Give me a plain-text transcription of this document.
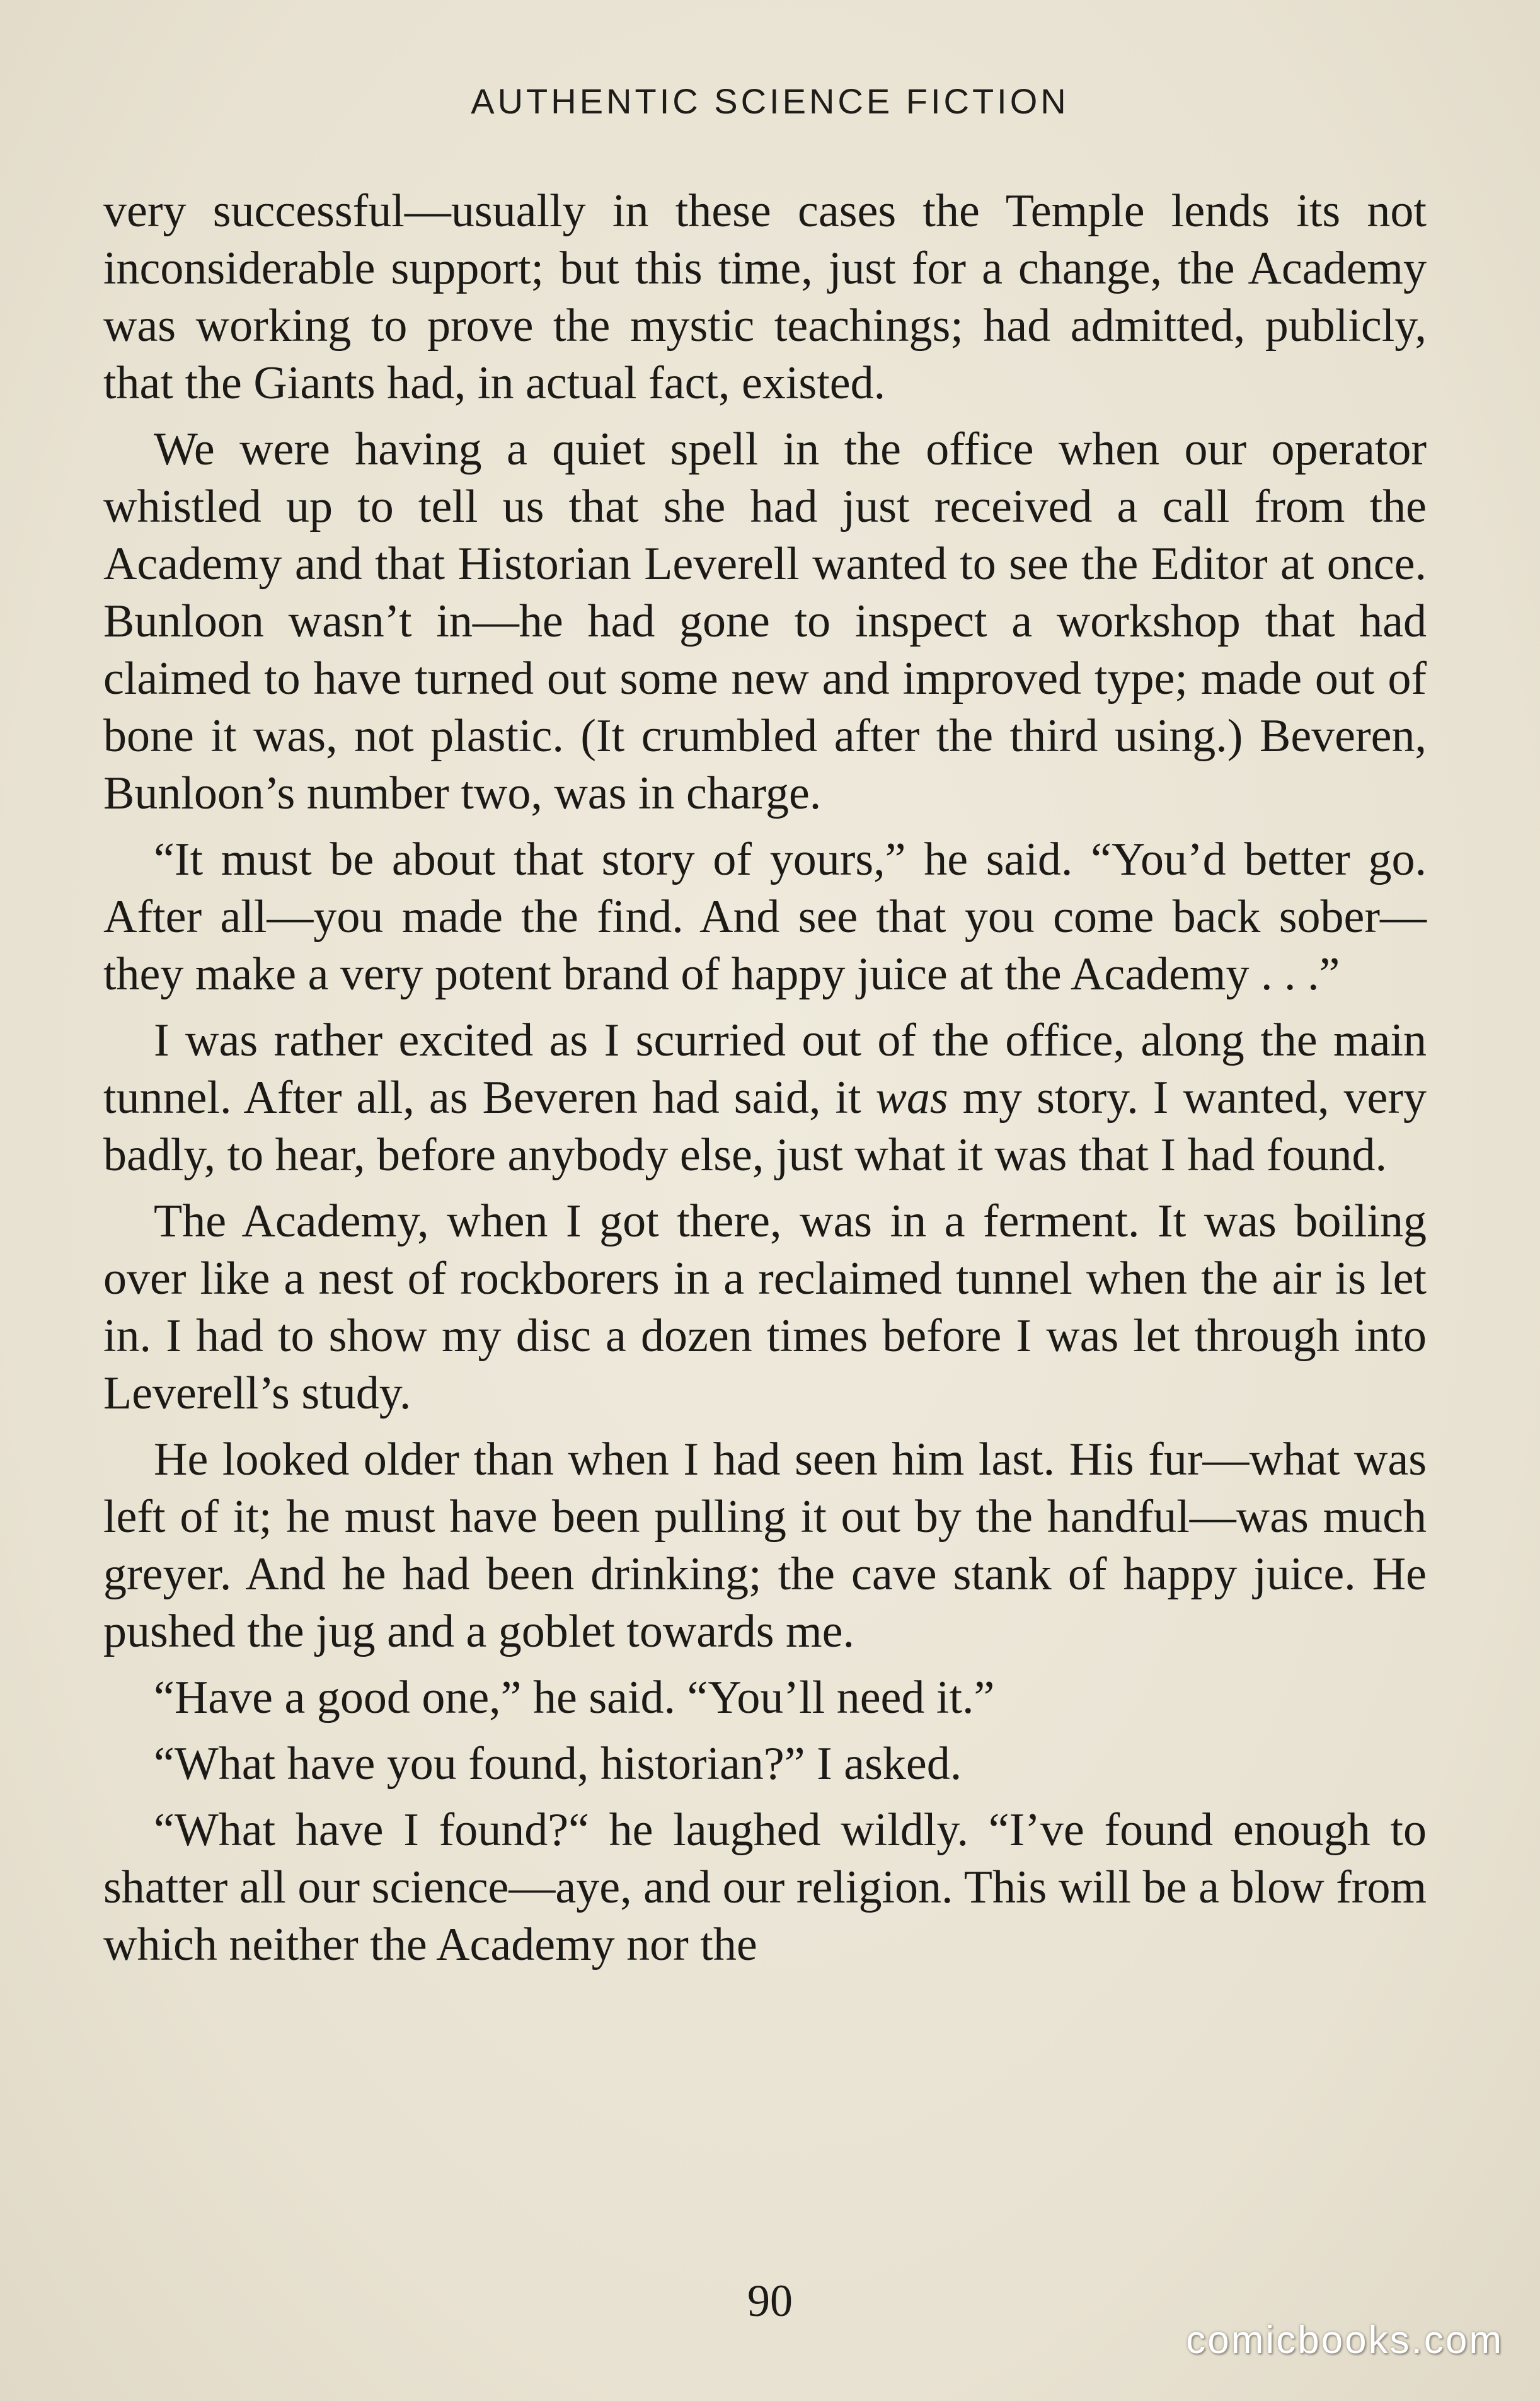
AUTHENTIC SCIENCE FICTION

very successful—usually in these cases the Temple lends its not inconsiderable support; but this time, just for a change, the Academy was working to prove the mystic teachings; had admitted, publicly, that the Giants had, in actual fact, existed.

We were having a quiet spell in the office when our operator whistled up to tell us that she had just received a call from the Academy and that Historian Leverell wanted to see the Editor at once. Bunloon wasn’t in—he had gone to inspect a workshop that had claimed to have turned out some new and improved type; made out of bone it was, not plastic. (It crumbled after the third using.) Beveren, Bunloon’s number two, was in charge.

“It must be about that story of yours,” he said. “You’d better go. After all—you made the find. And see that you come back sober—they make a very potent brand of happy juice at the Academy . . .”

I was rather excited as I scurried out of the office, along the main tunnel. After all, as Beveren had said, it was my story. I wanted, very badly, to hear, before anybody else, just what it was that I had found.

The Academy, when I got there, was in a ferment. It was boiling over like a nest of rockborers in a reclaimed tunnel when the air is let in. I had to show my disc a dozen times before I was let through into Leverell’s study.

He looked older than when I had seen him last. His fur—what was left of it; he must have been pulling it out by the handful—was much greyer. And he had been drinking; the cave stank of happy juice. He pushed the jug and a goblet towards me.

“Have a good one,” he said. “You’ll need it.”

“What have you found, historian?” I asked.

“What have I found?“ he laughed wildly. “I’ve found enough to shatter all our science—aye, and our religion. This will be a blow from which neither the Academy nor the

90
comicbooks.com
